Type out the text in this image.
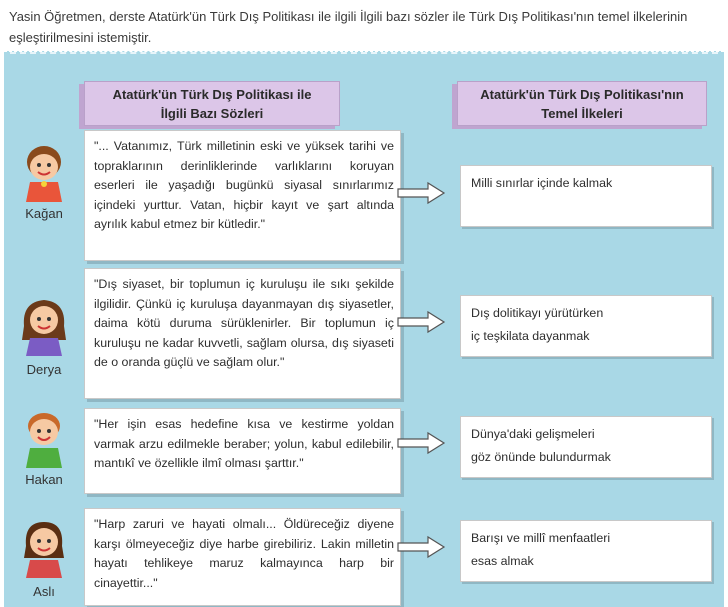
Yasin Öğretmen, derste Atatürk'ün Türk Dış Politikası ile ilgili İlgili bazı sözler ile Türk Dış Politikası'nın temel ilkelerinin eşleştirilmesini istemiştir.
Atatürk'ün Türk Dış Politikası ile
İlgili Bazı Sözleri
Atatürk'ün Türk Dış Politikası'nın
Temel İlkeleri
Kağan
"... Vatanımız, Türk milletinin eski ve yüksek tarihi ve topraklarının derinliklerinde varlıklarını koruyan eserleri ile yaşadığı bugünkü siyasal sınırlarımız içindeki yurttur. Vatan, hiçbir kayıt ve şart altında ayrılık kabul etmez bir kütledir."
Milli sınırlar içinde kalmak
Derya
"Dış siyaset, bir toplumun iç kuruluşu ile sıkı şekilde ilgilidir. Çünkü iç kuruluşa dayanmayan dış siyasetler, daima kötü duruma sürüklenirler. Bir toplumun iç kuruluşu ne kadar kuvvetli, sağlam olursa, dış siyaseti de o oranda güçlü ve sağlam olur."
Dış dolitikayı yürütürken
iç teşkilata dayanmak
Hakan
"Her işin esas hedefine kısa ve kestirme yoldan varmak arzu edilmekle beraber; yolun, kabul edilebilir, mantıkî ve özellikle ilmî olması şarttır."
Dünya'daki gelişmeleri
göz önünde bulundurmak
Aslı
"Harp zaruri ve hayati olmalı... Öldüreceğiz diyene karşı ölmeyeceğiz diye harbe girebiliriz. Lakin milletin hayatı tehlikeye maruz kalmayınca harp bir cinayettir..."
Barışı ve millî menfaatleri
esas almak
